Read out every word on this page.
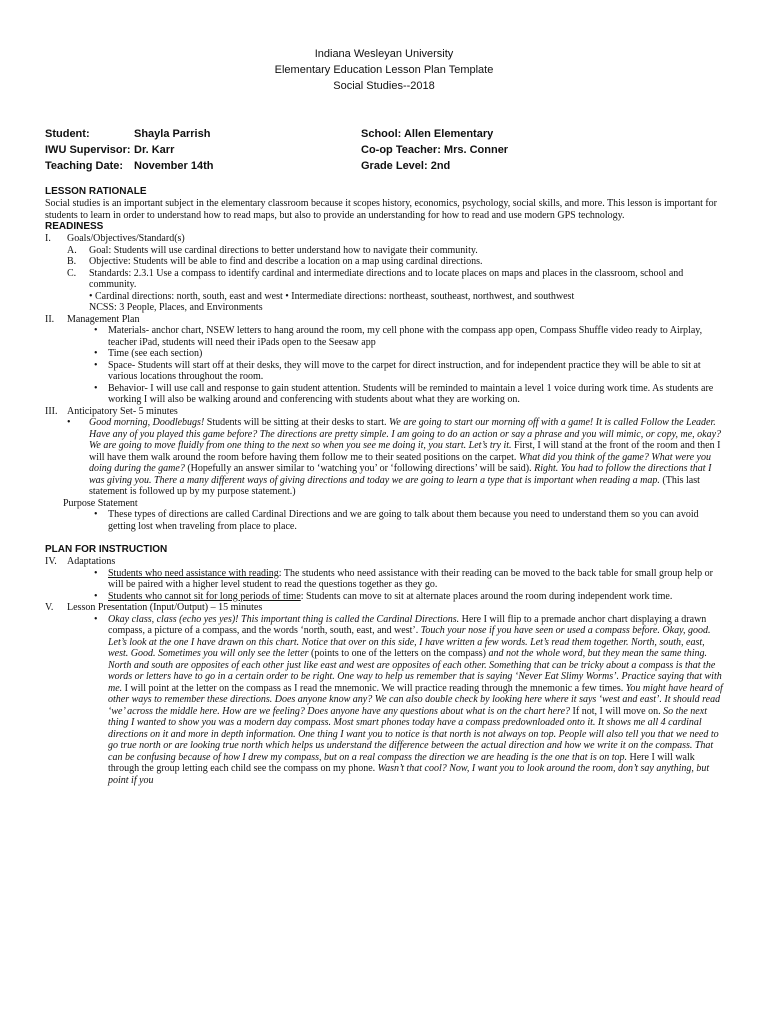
Indiana Wesleyan University
Elementary Education Lesson Plan Template
Social Studies--2018
Student:	Shayla Parrish
IWU Supervisor: Dr. Karr
Teaching Date: November 14th
School: Allen Elementary
Co-op Teacher: Mrs. Conner
Grade Level: 2nd
LESSON RATIONALE
Social studies is an important subject in the elementary classroom because it scopes history, economics, psychology, social skills, and more. This lesson is important for students to learn in order to understand how to read maps, but also to provide an understanding for how to read and use modern GPS technology.
READINESS
I. Goals/Objectives/Standard(s)
A. Goal: Students will use cardinal directions to better understand how to navigate their community.
B. Objective: Students will be able to find and describe a location on a map using cardinal directions.
C. Standards: 2.3.1 Use a compass to identify cardinal and intermediate directions and to locate places on maps and places in the classroom, school and community.
• Cardinal directions: north, south, east and west • Intermediate directions: northeast, southeast, northwest, and southwest
NCSS: 3 People, Places, and Environments
II. Management Plan
• Materials- anchor chart, NSEW letters to hang around the room, my cell phone with the compass app open, Compass Shuffle video ready to Airplay, teacher iPad, students will need their iPads open to the Seesaw app
• Time (see each section)
• Space- Students will start off at their desks, they will move to the carpet for direct instruction, and for independent practice they will be able to sit at various locations throughout the room.
• Behavior- I will use call and response to gain student attention. Students will be reminded to maintain a level 1 voice during work time. As students are working I will also be walking around and conferencing with students about what they are working on.
III. Anticipatory Set- 5 minutes
• Good morning, Doodlebugs! Students will be sitting at their desks to start. We are going to start our morning off with a game! It is called Follow the Leader. Have any of you played this game before? The directions are pretty simple. I am going to do an action or say a phrase and you will mimic, or copy, me, okay? We are going to move fluidly from one thing to the next so when you see me doing it, you start. Let’s try it. First, I will stand at the front of the room and then I will have them walk around the room before having them follow me to their seated positions on the carpet. What did you think of the game? What were you doing during the game? (Hopefully an answer similar to ‘watching you’ or ‘following directions’ will be said). Right. You had to follow the directions that I was giving you. There a many different ways of giving directions and today we are going to learn a type that is important when reading a map. (This last statement is followed up by my purpose statement.)
Purpose Statement
• These types of directions are called Cardinal Directions and we are going to talk about them because you need to understand them so you can avoid getting lost when traveling from place to place.
PLAN FOR INSTRUCTION
IV. Adaptations
• Students who need assistance with reading: The students who need assistance with their reading can be moved to the back table for small group help or will be paired with a higher level student to read the questions together as they go.
• Students who cannot sit for long periods of time: Students can move to sit at alternate places around the room during independent work time.
V. Lesson Presentation (Input/Output) – 15 minutes
• Okay class, class (echo yes yes)! This important thing is called the Cardinal Directions. Here I will flip to a premade anchor chart displaying a drawn compass, a picture of a compass, and the words ‘north, south, east, and west’. Touch your nose if you have seen or used a compass before. Okay, good. Let’s look at the one I have drawn on this chart. Notice that over on this side, I have written a few words. Let’s read them together. North, south, east, west. Good. Sometimes you will only see the letter (points to one of the letters on the compass) and not the whole word, but they mean the same thing. North and south are opposites of each other just like east and west are opposites of each other. Something that can be tricky about a compass is that the words or letters have to go in a certain order to be right. One way to help us remember that is saying ‘Never Eat Slimy Worms’. Practice saying that with me. I will point at the letter on the compass as I read the mnemonic. We will practice reading through the mnemonic a few times. You might have heard of other ways to remember these directions. Does anyone know any? We can also double check by looking here where it says ‘west and east’. It should read ‘we’ across the middle here. How are we feeling? Does anyone have any questions about what is on the chart here? If not, I will move on. So the next thing I wanted to show you was a modern day compass. Most smart phones today have a compass predownloaded onto it. It shows me all 4 cardinal directions on it and more in depth information. One thing I want you to notice is that north is not always on top. People will also tell you that we need to go true north or are looking true north which helps us understand the difference between the actual direction and how we write it on the compass. That can be confusing because of how I drew my compass, but on a real compass the direction we are heading is the one that is on top. Here I will walk through the group letting each child see the compass on my phone. Wasn’t that cool? Now, I want you to look around the room, don’t say anything, but point if you
